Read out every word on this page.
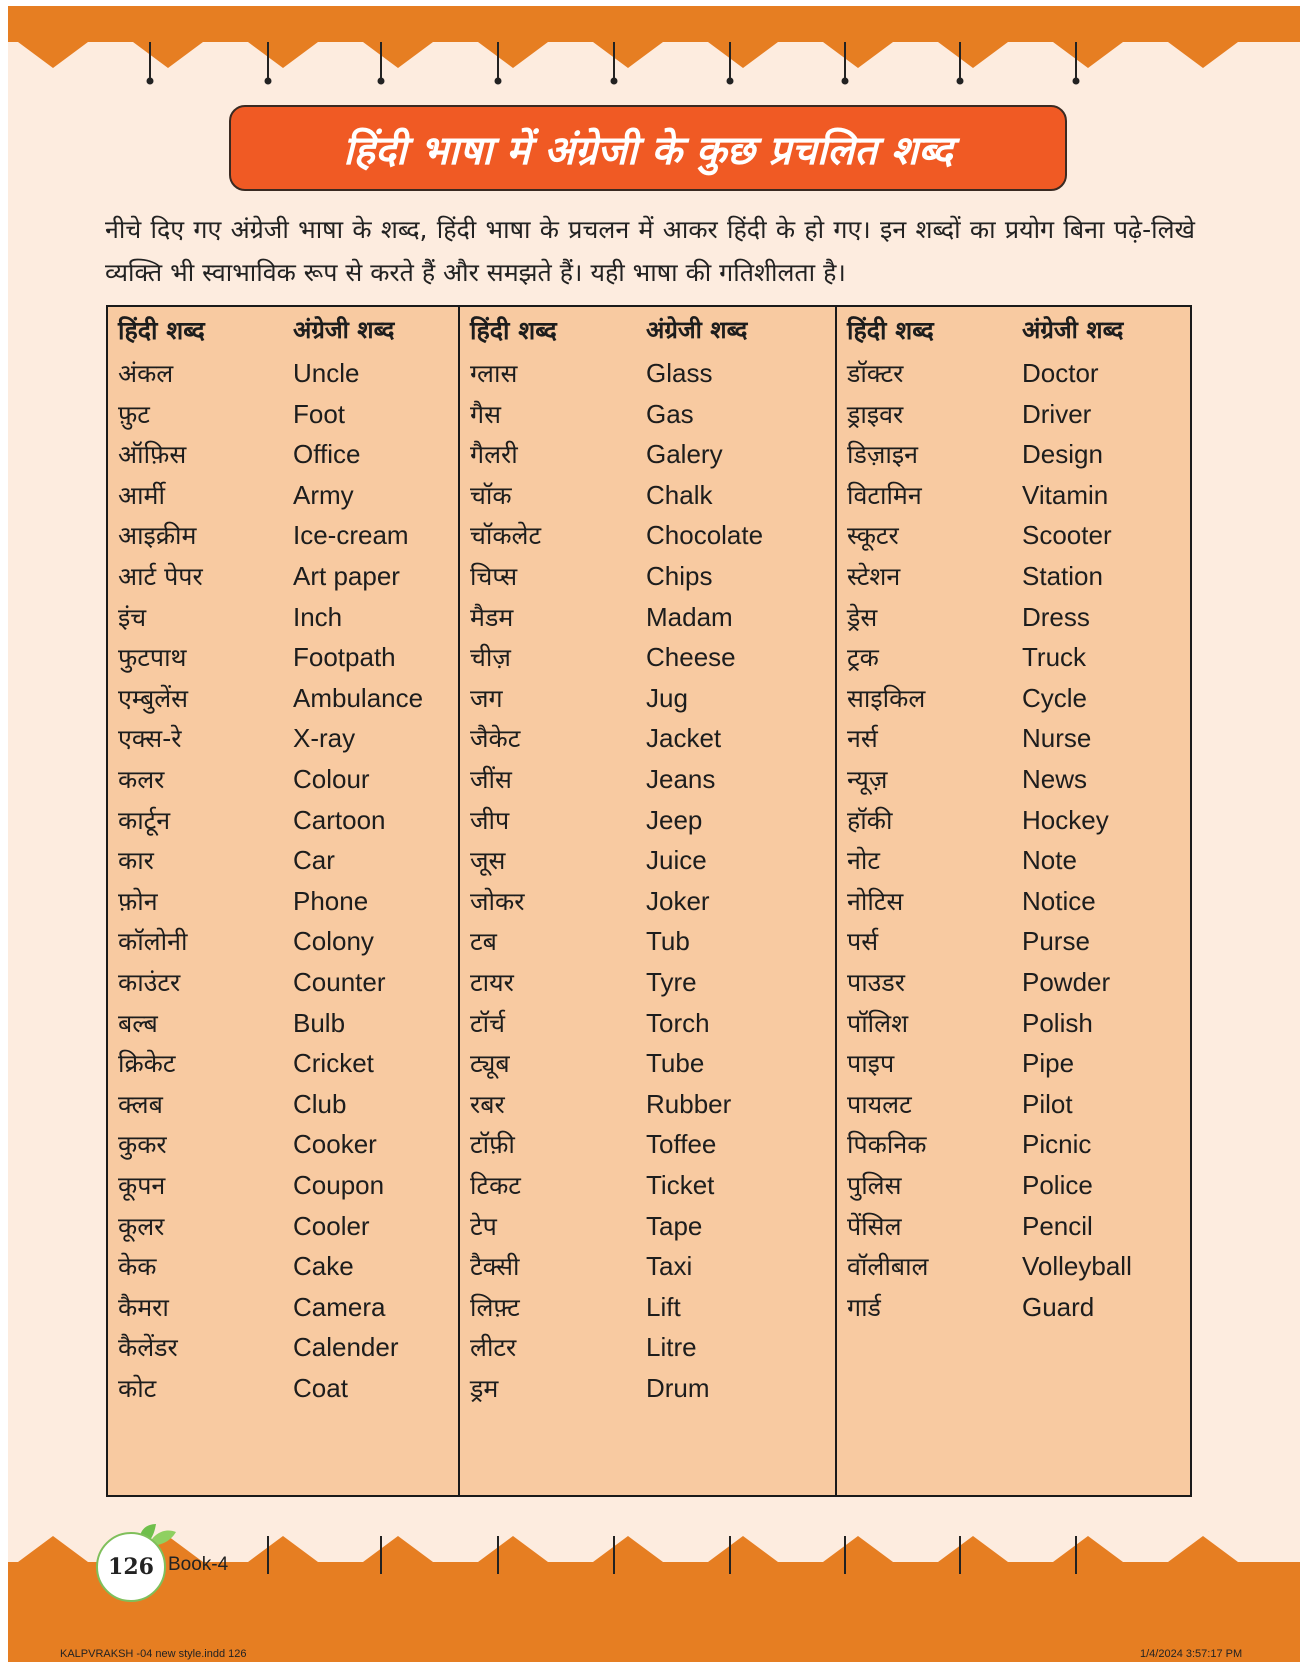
हिंदी भाषा में अंग्रेजी के कुछ प्रचलित शब्द
नीचे दिए गए अंग्रेजी भाषा के शब्द, हिंदी भाषा के प्रचलन में आकर हिंदी के हो गए। इन शब्दों का प्रयोग बिना पढ़े-लिखे व्यक्ति भी स्वाभाविक रूप से करते हैं और समझते हैं। यही भाषा की गतिशीलता है।
हिंदी शब्द	अंग्रेजी शब्द
अंकल	Uncle
फ़ुट	Foot
ऑफ़िस	Office
आर्मी	Army
आइक्रीम	Ice-cream
आर्ट पेपर	Art paper
इंच	Inch
फुटपाथ	Footpath
एम्बुलेंस	Ambulance
एक्स-रे	X-ray
कलर	Colour
कार्टून	Cartoon
कार	Car
फ़ोन	Phone
कॉलोनी	Colony
काउंटर	Counter
बल्ब	Bulb
क्रिकेट	Cricket
क्लब	Club
कुकर	Cooker
कूपन	Coupon
कूलर	Cooler
केक	Cake
कैमरा	Camera
कैलेंडर	Calender
कोट	Coat
हिंदी शब्द	अंग्रेजी शब्द
ग्लास	Glass
गैस	Gas
गैलरी	Galery
चॉक	Chalk
चॉकलेट	Chocolate
चिप्स	Chips
मैडम	Madam
चीज़	Cheese
जग	Jug
जैकेट	Jacket
जींस	Jeans
जीप	Jeep
जूस	Juice
जोकर	Joker
टब	Tub
टायर	Tyre
टॉर्च	Torch
ट्यूब	Tube
रबर	Rubber
टॉफ़ी	Toffee
टिकट	Ticket
टेप	Tape
टैक्सी	Taxi
लिफ़्ट	Lift
लीटर	Litre
ड्रम	Drum
हिंदी शब्द	अंग्रेजी शब्द
डॉक्टर	Doctor
ड्राइवर	Driver
डिज़ाइन	Design
विटामिन	Vitamin
स्कूटर	Scooter
स्टेशन	Station
ड्रेस	Dress
ट्रक	Truck
साइकिल	Cycle
नर्स	Nurse
न्यूज़	News
हॉकी	Hockey
नोट	Note
नोटिस	Notice
पर्स	Purse
पाउडर	Powder
पॉलिश	Polish
पाइप	Pipe
पायलट	Pilot
पिकनिक	Picnic
पुलिस	Police
पेंसिल	Pencil
वॉलीबाल	Volleyball
गार्ड	Guard
126 Book-4
KALPVRAKSH -04 new style.indd 126	1/4/2024 3:57:17 PM
